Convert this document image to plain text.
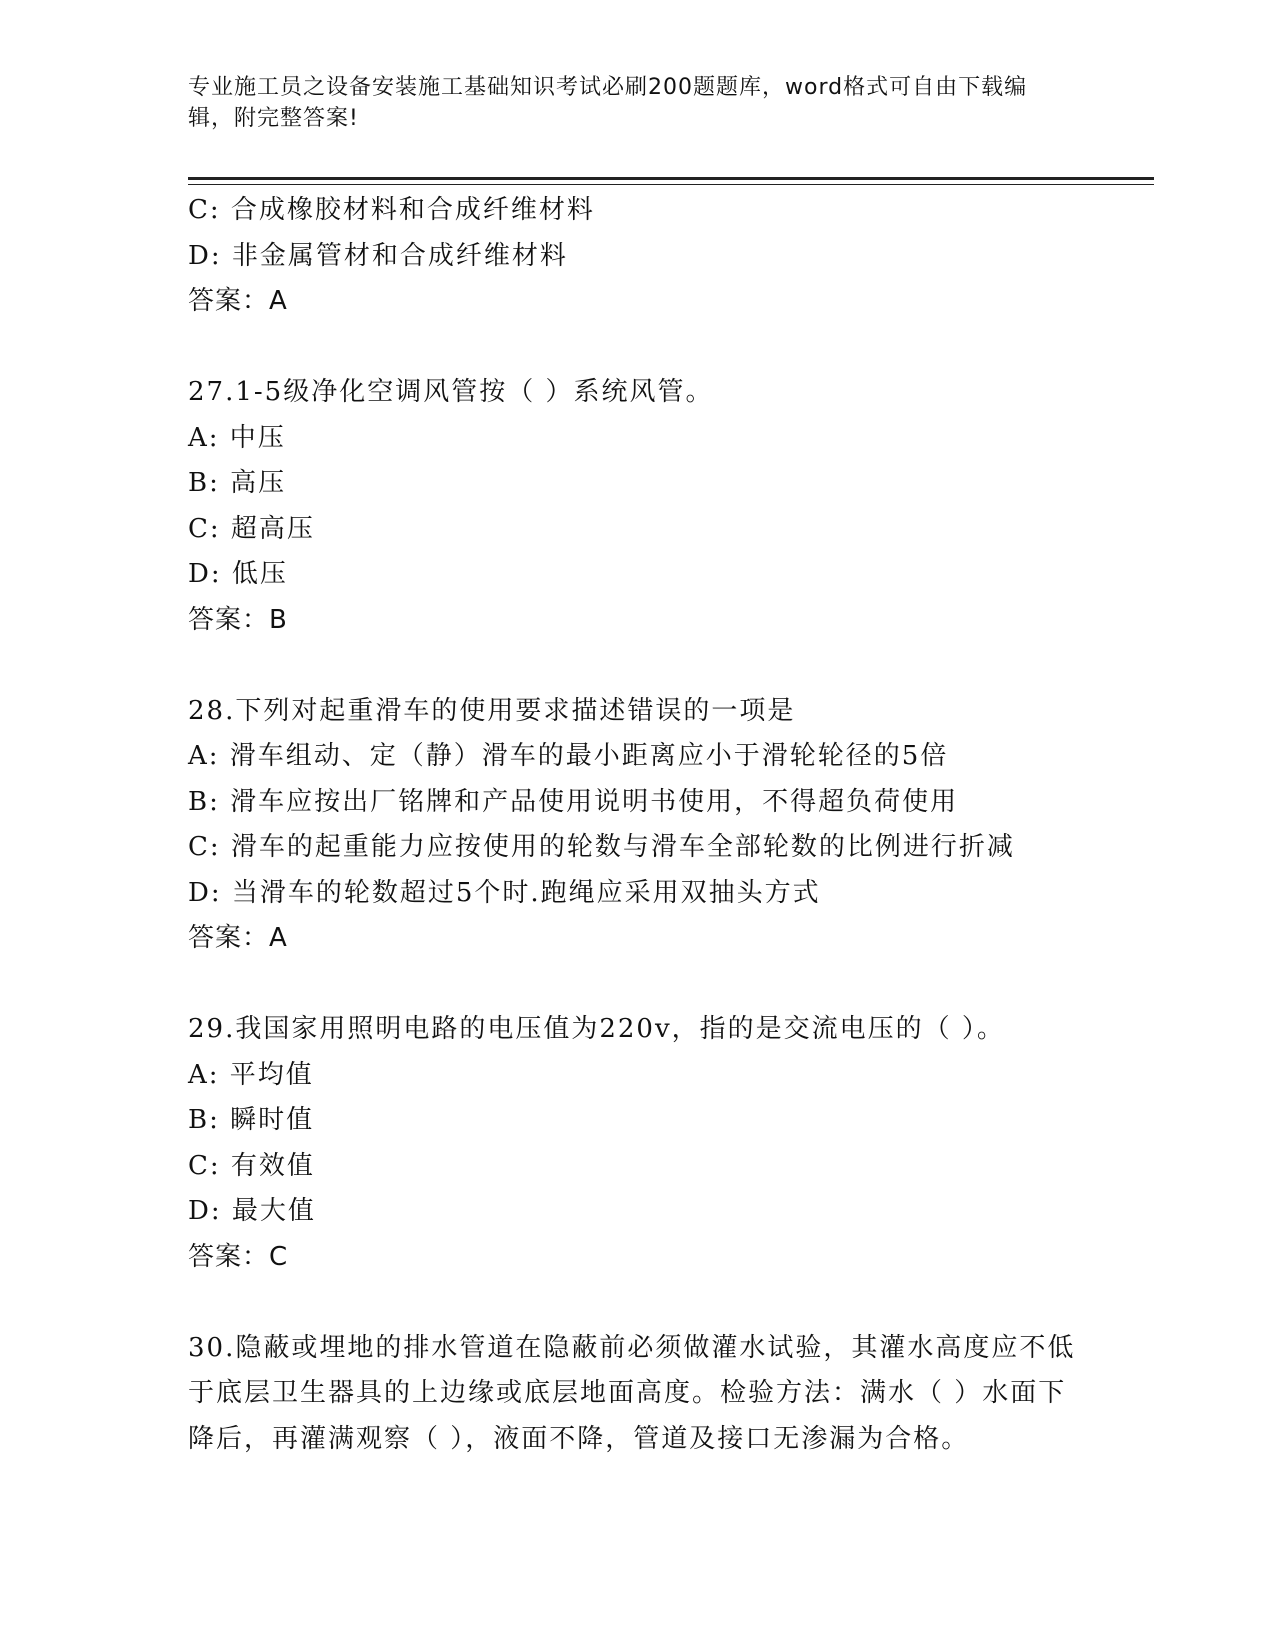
专业施工员之设备安装施工基础知识考试必刷200题题库，word格式可自由下载编辑，附完整答案!
C: 合成橡胶材料和合成纤维材料
D: 非金属管材和合成纤维材料
答案：A
27.1-5级净化空调风管按（ ）系统风管。
A: 中压
B: 高压
C: 超高压
D: 低压
答案：B
28.下列对起重滑车的使用要求描述错误的一项是
A: 滑车组动、定（静）滑车的最小距离应小于滑轮轮径的5倍
B: 滑车应按出厂铭牌和产品使用说明书使用，不得超负荷使用
C: 滑车的起重能力应按使用的轮数与滑车全部轮数的比例进行折减
D: 当滑车的轮数超过5个时.跑绳应采用双抽头方式
答案：A
29.我国家用照明电路的电压值为220v，指的是交流电压的（ ）。
A: 平均值
B: 瞬时值
C: 有效值
D: 最大值
答案：C
30.隐蔽或埋地的排水管道在隐蔽前必须做灌水试验，其灌水高度应不低于底层卫生器具的上边缘或底层地面高度。检验方法：满水（ ）水面下降后，再灌满观察（ ），液面不降，管道及接口无渗漏为合格。
